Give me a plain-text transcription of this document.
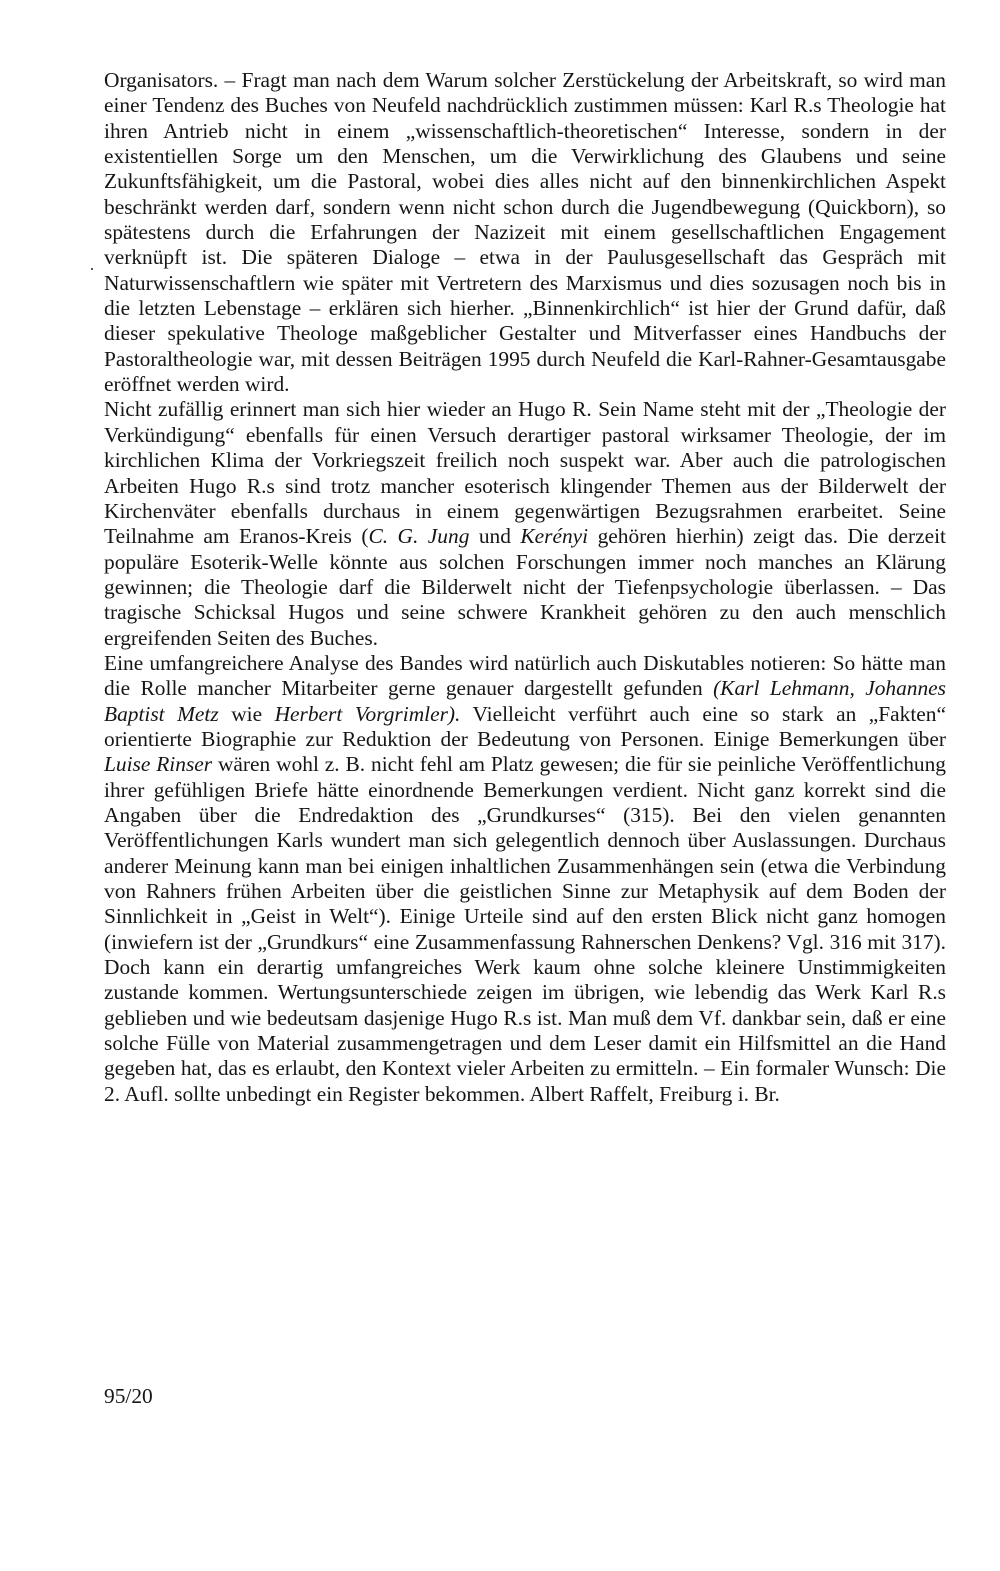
Organisators. – Fragt man nach dem Warum solcher Zerstückelung der Arbeitskraft, so wird man einer Tendenz des Buches von Neufeld nachdrücklich zustimmen müssen: Karl R.s Theologie hat ihren Antrieb nicht in einem „wissenschaftlich-theoretischen“ Interesse, sondern in der existentiellen Sorge um den Menschen, um die Verwirklichung des Glaubens und seine Zukunftsfähigkeit, um die Pastoral, wobei dies alles nicht auf den binnenkirchlichen Aspekt beschränkt werden darf, sondern wenn nicht schon durch die Jugendbewegung (Quickborn), so spätestens durch die Erfahrungen der Nazizeit mit einem gesellschaftlichen Engagement verknüpft ist. Die späteren Dialoge – etwa in der Paulusgesellschaft das Gespräch mit Naturwissenschaftlern wie später mit Vertretern des Marxismus und dies sozusagen noch bis in die letzten Lebenstage – erklären sich hierher. „Binnenkirchlich“ ist hier der Grund dafür, daß dieser spekulative Theologe maßgeblicher Gestalter und Mitverfasser eines Handbuchs der Pastoraltheologie war, mit dessen Beiträgen 1995 durch Neufeld die Karl-Rahner-Gesamtausgabe eröffnet werden wird.

Nicht zufällig erinnert man sich hier wieder an Hugo R. Sein Name steht mit der „Theologie der Verkündigung“ ebenfalls für einen Versuch derartiger pastoral wirksamer Theologie, der im kirchlichen Klima der Vorkriegszeit freilich noch suspekt war. Aber auch die patrologischen Arbeiten Hugo R.s sind trotz mancher esoterisch klingender Themen aus der Bilderwelt der Kirchenväter ebenfalls durchaus in einem gegenwärtigen Bezugsrahmen erarbeitet. Seine Teilnahme am Eranos-Kreis (C. G. Jung und Kerényi gehören hierhin) zeigt das. Die derzeit populäre Esoterik-Welle könnte aus solchen Forschungen immer noch manches an Klärung gewinnen; die Theologie darf die Bilderwelt nicht der Tiefenpsychologie überlassen. – Das tragische Schicksal Hugos und seine schwere Krankheit gehören zu den auch menschlich ergreifenden Seiten des Buches.

Eine umfangreichere Analyse des Bandes wird natürlich auch Diskutables notieren: So hätte man die Rolle mancher Mitarbeiter gerne genauer dargestellt gefunden (Karl Lehmann, Johannes Baptist Metz wie Herbert Vorgrimler). Vielleicht verführt auch eine so stark an „Fakten“ orientierte Biographie zur Reduktion der Bedeutung von Personen. Einige Bemerkungen über Luise Rinser wären wohl z. B. nicht fehl am Platz gewesen; die für sie peinliche Veröffentlichung ihrer gefühligen Briefe hätte einordnende Bemerkungen verdient. Nicht ganz korrekt sind die Angaben über die Endredaktion des „Grundkurses“ (315). Bei den vielen genannten Veröffentlichungen Karls wundert man sich gelegentlich dennoch über Auslassungen. Durchaus anderer Meinung kann man bei einigen inhaltlichen Zusammenhängen sein (etwa die Verbindung von Rahners frühen Arbeiten über die geistlichen Sinne zur Metaphysik auf dem Boden der Sinnlichkeit in „Geist in Welt“). Einige Urteile sind auf den ersten Blick nicht ganz homogen (inwiefern ist der „Grundkurs“ eine Zusammenfassung Rahnerschen Denkens? Vgl. 316 mit 317). Doch kann ein derartig umfangreiches Werk kaum ohne solche kleinere Unstimmigkeiten zustande kommen. Wertungsunterschiede zeigen im übrigen, wie lebendig das Werk Karl R.s geblieben und wie bedeutsam dasjenige Hugo R.s ist. Man muß dem Vf. dankbar sein, daß er eine solche Fülle von Material zusammengetragen und dem Leser damit ein Hilfsmittel an die Hand gegeben hat, das es erlaubt, den Kontext vieler Arbeiten zu ermitteln. – Ein formaler Wunsch: Die 2. Aufl. sollte unbedingt ein Register bekommen. Albert Raffelt, Freiburg i. Br.

95/20
